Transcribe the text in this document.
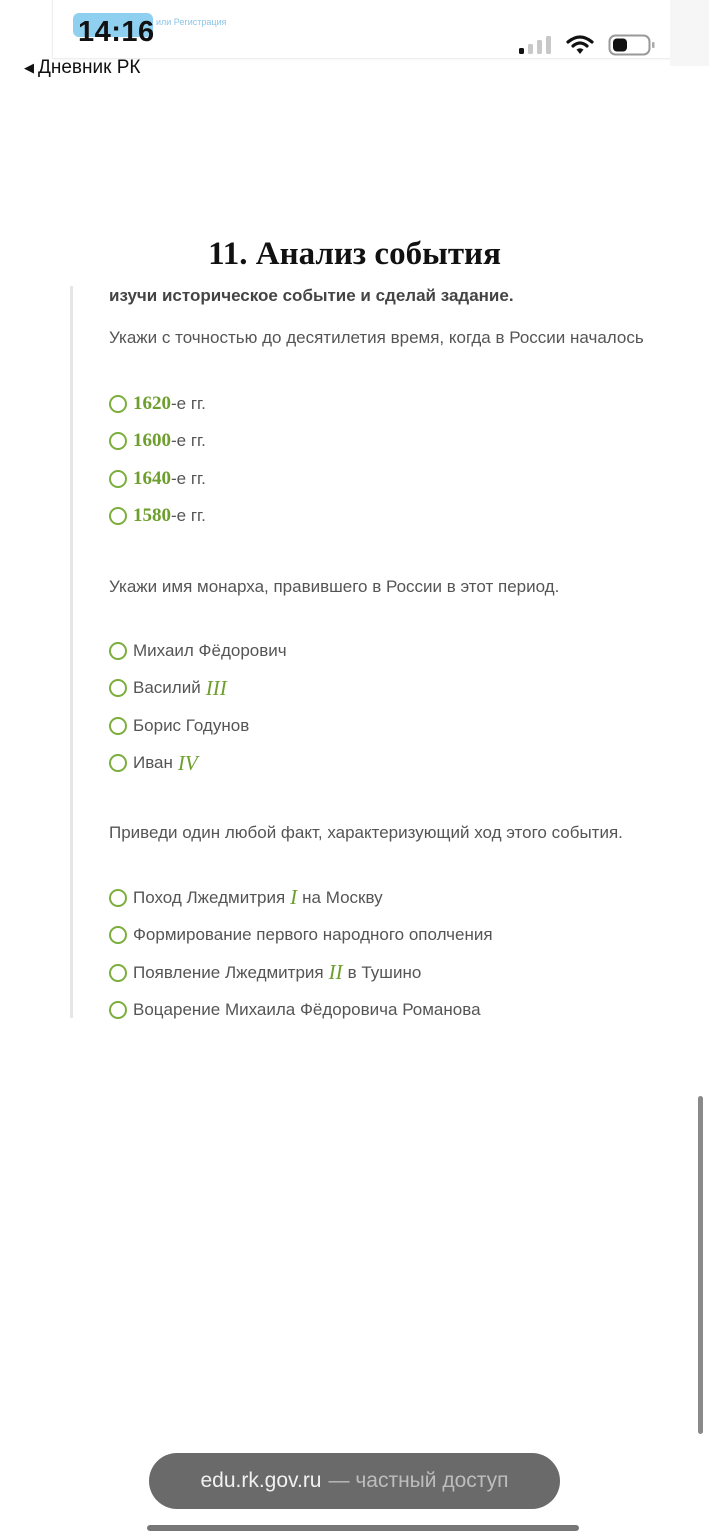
или Регистрация
14:16
◀ Дневник РК
11. Анализ события
изучи историческое событие и сделай задание.
Укажи с точностью до десятилетия время, когда в России началось
1620 -е гг.
1600 -е гг.
1640 -е гг.
1580 -е гг.
Укажи имя монарха, правившего в России в этот период.
Михаил Фёдорович
Василий III
Борис Годунов
Иван IV
Приведи один любой факт, характеризующий ход этого события.
Поход Лжедмитрия I на Москву
Формирование первого народного ополчения
Появление Лжедмитрия II в Тушино
Воцарение Михаила Фёдоровича Романова
edu.rk.gov.ru — частный доступ
